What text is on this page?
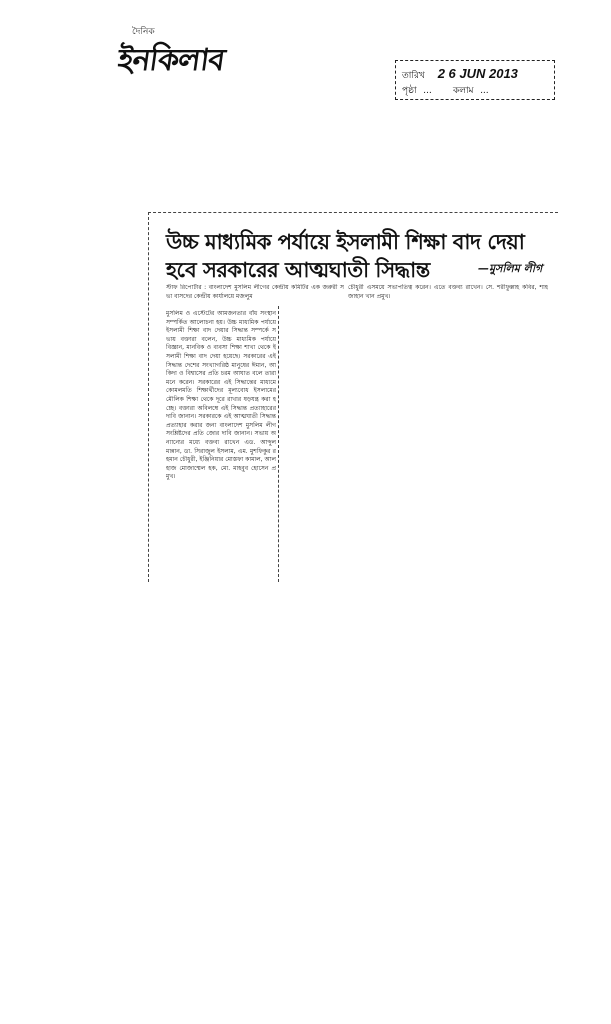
দৈনিক
ইনকিলাব	তারিখ 2 6 JUN 2013
পৃষ্ঠা ... কলাম ...
উচ্চ মাধ্যমিক পর্যায়ে ইসলামী শিক্ষা বাদ দেয়া
হবে সরকারের আত্মঘাতী সিদ্ধান্ত	—মুসলিম লীগ
স্টাফ রিপোর্টার : বাংলাদেশ মুসলিম লীগের কেন্দ্রীয় কমিটির এক জরুরী সভা বাসদের কেন্দ্রীয় কার্যালয়ে মজলুম
চৌধুরী এসময়ে সভাপতিত্ব করেন। এতে বক্তব্য রাখেন। সে. শরীফুল্লাহ কবির, শাহজাহান খান প্রমুখ।
মুসলিম ও এস্টেটের আমজনতার বাঁধ সংস্থান সম্পর্কিত আলোচনা হয়। উচ্চ মাধ্যমিক পর্যায়ে ইসলামী শিক্ষা বাদ দেয়ার সিদ্ধান্ত সম্পর্কে সভায় বক্তারা বলেন, উচ্চ মাধ্যমিক পর্যায়ে বিজ্ঞান, মানবিক ও ব্যবসা শিক্ষা শাখা থেকে ইসলামী শিক্ষা বাদ দেয়া হয়েছে। সরকারের এই সিদ্ধান্ত দেশের সংখ্যাগরিষ্ঠ মানুষের ঈমান, আকিদা ও বিশ্বাসের প্রতি চরম আঘাত বলে তারা মনে করেন। সরকারের এই সিদ্ধান্তের মাধ্যমে কোমলমতি শিক্ষার্থীদের মূল্যবোধ ইসলামের মৌলিক শিক্ষা থেকে দূরে রাখার ষড়যন্ত্র করা হচ্ছে। বক্তারা অবিলম্বে এই সিদ্ধান্ত প্রত্যাহারের দাবি জানান। সরকারকে এই আত্মঘাতী সিদ্ধান্ত প্রত্যাহার করার জন্য বাংলাদেশ মুসলিম লীগ সংশ্লিষ্টদের প্রতি জোর দাবি জানান। সভায় অন্যান্যের মধ্যে বক্তব্য রাখেন এড. আব্দুল মান্নান, ডা. সিরাজুল ইসলাম, এম. মুশফিকুর রহমান চৌধুরী, ইঞ্জিনিয়ার মোস্তফা কামাল, আলহাজ মোজাম্মেল হক, মো. মাহবুব হোসেন প্রমুখ।
